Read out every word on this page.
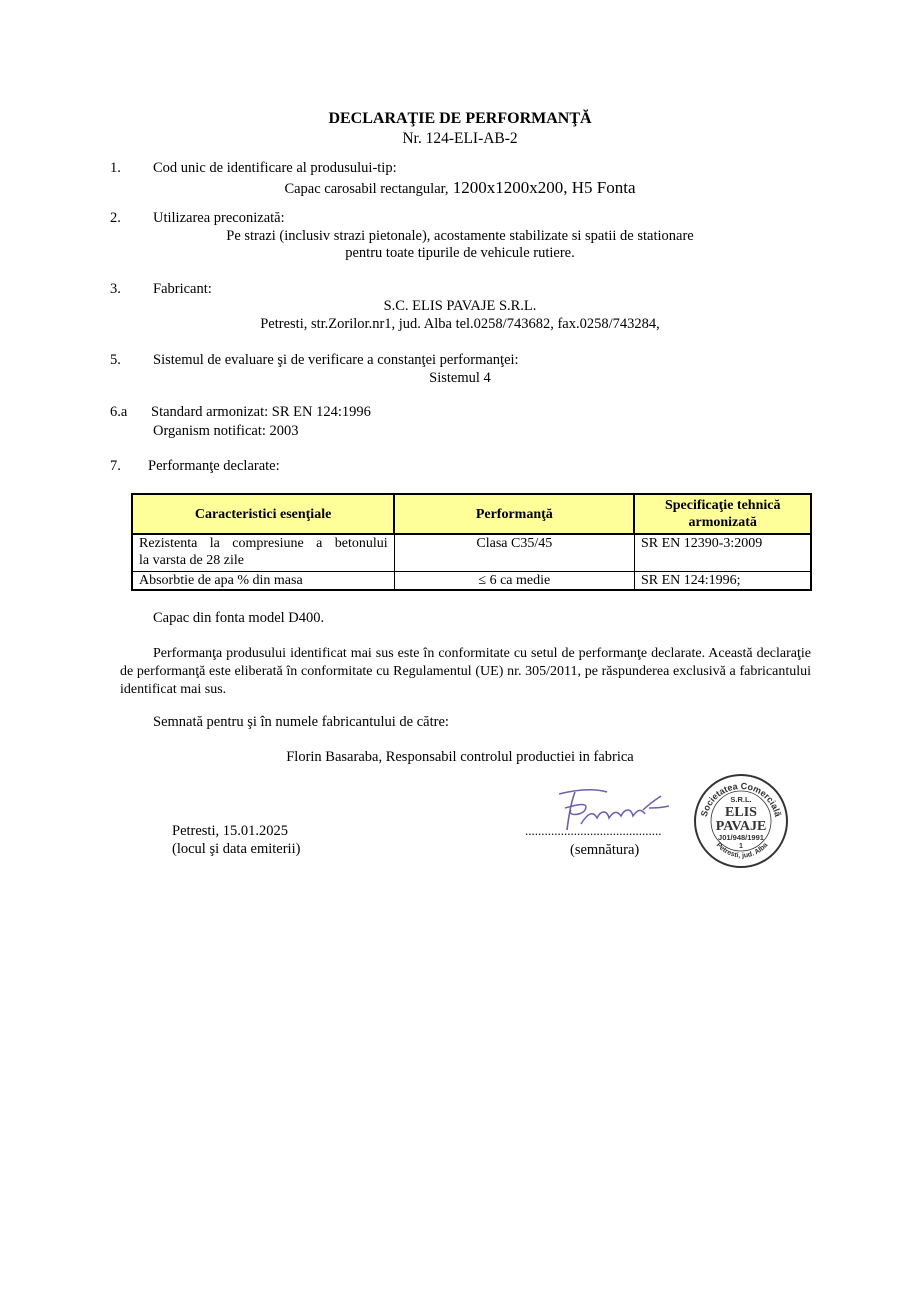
DECLARAŢIE DE PERFORMANŢĂ
Nr. 124-ELI-AB-2
1. Cod unic de identificare al produsului-tip:
Capac carosabil rectangular, 1200x1200x200, H5 Fonta
2. Utilizarea preconizată:
Pe strazi (inclusiv strazi pietonale), acostamente stabilizate si spatii de stationare
pentru toate tipurile de vehicule rutiere.
3. Fabricant:
S.C. ELIS PAVAJE S.R.L.
Petresti, str.Zorilor.nr1, jud. Alba tel.0258/743682, fax.0258/743284,
5. Sistemul de evaluare şi de verificare a constanţei performanţei:
Sistemul 4
6.a Standard armonizat: SR EN 124:1996
Organism notificat: 2003
7. Performanţe declarate:
Caracteristici esenţiale	Performanţă	Specificaţie tehnică
armonizată

Rezistenta la compresiune a betonului
la varsta de 28 zile	Clasa C35/45	SR EN 12390-3:2009
Absorbtie de apa % din masa	≤ 6 ca medie	SR EN 124:1996;
Capac din fonta model D400.
Performanţa produsului identificat mai sus este în conformitate cu setul de performanţe declarate. Această declaraţie de performanţă este eliberată în conformitate cu Regulamentul (UE) nr. 305/2011, pe răspunderea exclusivă a fabricantului identificat mai sus.
Semnată pentru şi în numele fabricantului de către:
Florin Basaraba, Responsabil controlul productiei in fabrica
Petresti, 15.01.2025
(locul şi data emiterii)
..........................................
(semnătura)
Societatea Comercială
S.R.L.
ELIS
PAVAJE
J01/948/1991
1
Petresti, jud. Alba
